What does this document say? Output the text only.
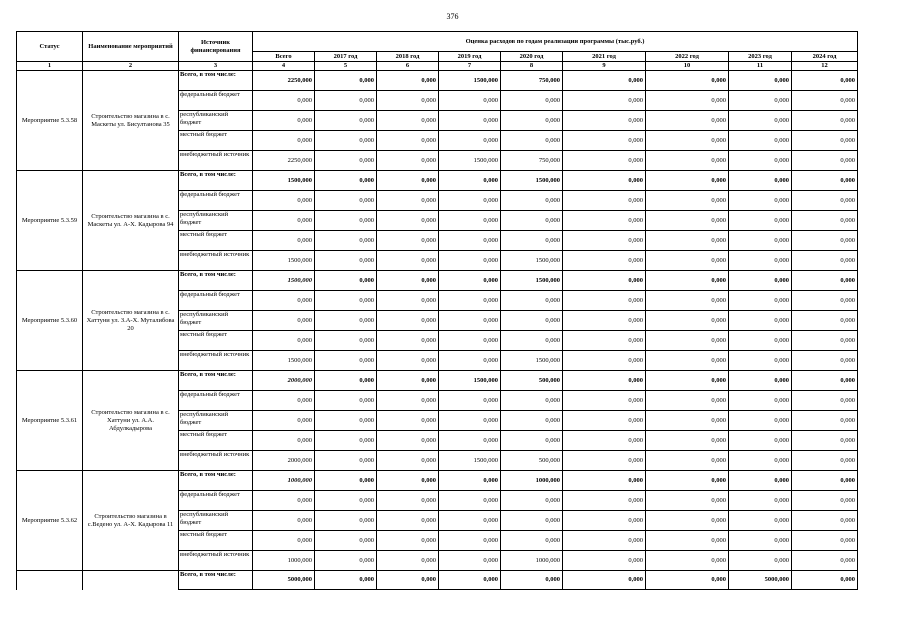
376
Статус	Наименование мероприятий	Источник финансирования	Оценка расходов по годам реализации программы (тыс.руб.)								
			Всего	2017 год	2018 год	2019 год	2020 год	2021 год	2022 год	2023 год	2024 год
1	2	3	4	5	6	7	8	9	10	11	12
Мероприятие 5.3.58	Строительство магазина в с. Маскеты ул. Бисултанова 35	Всего, в том числе:	2250,000	0,000	0,000	1500,000	750,000	0,000	0,000	0,000	0,000
		федеральный бюджет	0,000	0,000	0,000	0,000	0,000	0,000	0,000	0,000	0,000
		республиканский бюджет	0,000	0,000	0,000	0,000	0,000	0,000	0,000	0,000	0,000
		местный бюджет	0,000	0,000	0,000	0,000	0,000	0,000	0,000	0,000	0,000
		внебюджетный источник	2250,000	0,000	0,000	1500,000	750,000	0,000	0,000	0,000	0,000
Мероприятие 5.3.59	Строительство магазина в с. Маскеты ул. А-Х. Кадырова 94	Всего, в том числе:	1500,000	0,000	0,000	0,000	1500,000	0,000	0,000	0,000	0,000
		федеральный бюджет	0,000	0,000	0,000	0,000	0,000	0,000	0,000	0,000	0,000
		республиканский бюджет	0,000	0,000	0,000	0,000	0,000	0,000	0,000	0,000	0,000
		местный бюджет	0,000	0,000	0,000	0,000	0,000	0,000	0,000	0,000	0,000
		внебюджетный источник	1500,000	0,000	0,000	0,000	1500,000	0,000	0,000	0,000	0,000
Мероприятие 5.3.60	Строительство магазина в с. Хаттуни ул. З.А-Х. Муталибова 20	Всего, в том числе:	1500,000	0,000	0,000	0,000	1500,000	0,000	0,000	0,000	0,000
		федеральный бюджет	0,000	0,000	0,000	0,000	0,000	0,000	0,000	0,000	0,000
		республиканский бюджет	0,000	0,000	0,000	0,000	0,000	0,000	0,000	0,000	0,000
		местный бюджет	0,000	0,000	0,000	0,000	0,000	0,000	0,000	0,000	0,000
		внебюджетный источник	1500,000	0,000	0,000	0,000	1500,000	0,000	0,000	0,000	0,000
Мероприятие 5.3.61	Строительство магазина в с. Хаттуни ул. А.А. Абдулкадырова	Всего, в том числе:	2000,000	0,000	0,000	1500,000	500,000	0,000	0,000	0,000	0,000
		федеральный бюджет	0,000	0,000	0,000	0,000	0,000	0,000	0,000	0,000	0,000
		республиканский бюджет	0,000	0,000	0,000	0,000	0,000	0,000	0,000	0,000	0,000
		местный бюджет	0,000	0,000	0,000	0,000	0,000	0,000	0,000	0,000	0,000
		внебюджетный источник	2000,000	0,000	0,000	1500,000	500,000	0,000	0,000	0,000	0,000
Мероприятие 5.3.62	Строительство магазина в с.Ведено ул. А-Х. Кадырова 11	Всего, в том числе:	1000,000	0,000	0,000	0,000	1000,000	0,000	0,000	0,000	0,000
		федеральный бюджет	0,000	0,000	0,000	0,000	0,000	0,000	0,000	0,000	0,000
		республиканский бюджет	0,000	0,000	0,000	0,000	0,000	0,000	0,000	0,000	0,000
		местный бюджет	0,000	0,000	0,000	0,000	0,000	0,000	0,000	0,000	0,000
		внебюджетный источник	1000,000	0,000	0,000	0,000	1000,000	0,000	0,000	0,000	0,000
		Всего, в том числе:	5000,000	0,000	0,000	0,000	0,000	0,000	0,000	5000,000	0,000
